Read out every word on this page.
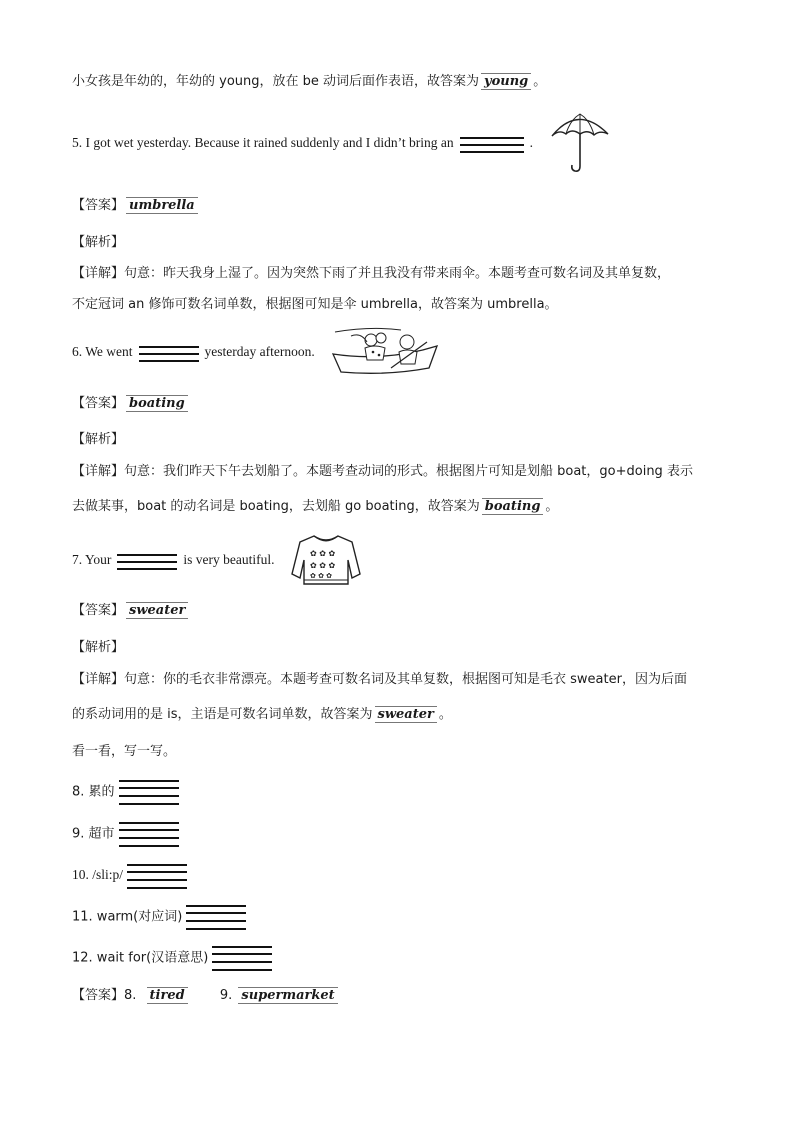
小女孩是年幼的，年幼的 young，放在 be 动词后面作表语，故答案为 young 。
5. I got wet yesterday. Because it rained suddenly and I didn’t bring an	.
【答案】 umbrella
【解析】
【详解】句意：昨天我身上湿了。因为突然下雨了并且我没有带来雨伞。本题考查可数名词及其单复数，
不定冠词 an 修饰可数名词单数，根据图可知是伞 umbrella，故答案为 umbrella。
6. We went	yesterday afternoon.
【答案】 boating
【解析】
【详解】句意：我们昨天下午去划船了。本题考查动词的形式。根据图片可知是划船 boat，go+doing 表示
去做某事，boat 的动名词是 boating，去划船 go boating，故答案为 boating 。
7. Your	is very beautiful.	✿ ✿ ✿
✿ ✿ ✿
✿ ✿ ✿
【答案】 sweater
【解析】
【详解】句意：你的毛衣非常漂亮。本题考查可数名词及其单复数，根据图可知是毛衣 sweater，因为后面
的系动词用的是 is，主语是可数名词单数，故答案为 sweater 。
看一看，写一写。
8. 累的
9. 超市
10. /sli:p/
11. warm(对应词)
12. wait for(汉语意思)
【答案】8. tired	9. supermarket
